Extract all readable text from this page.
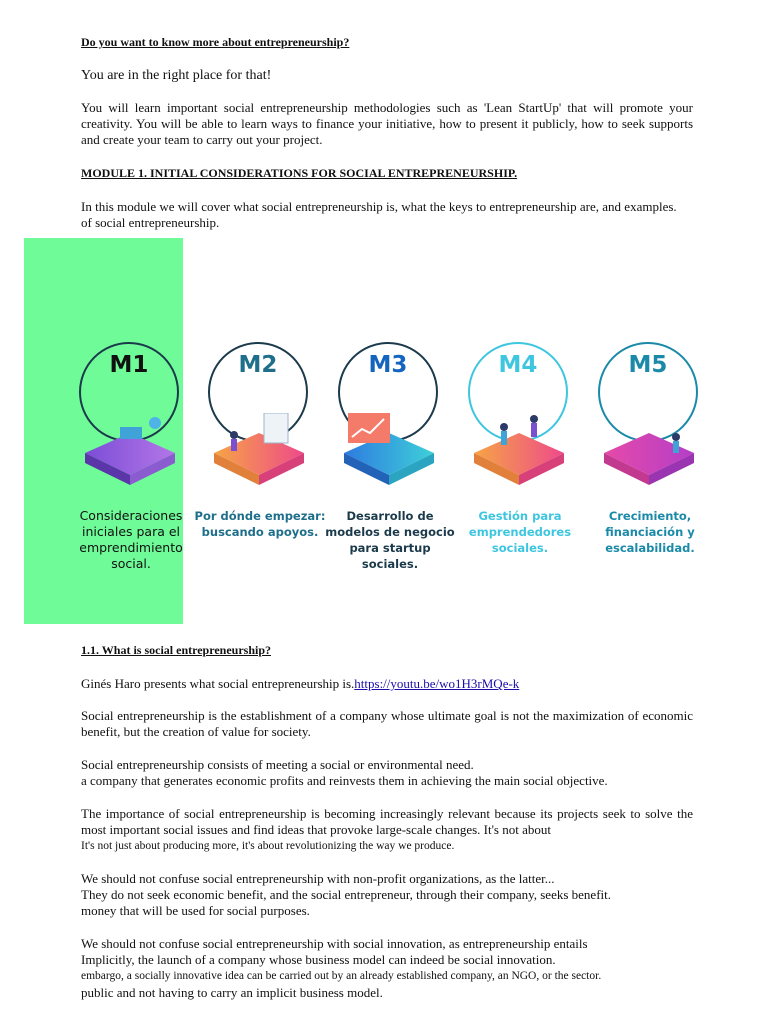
Do you want to know more about entrepreneurship?

You are in the right place for that!

You will learn important social entrepreneurship methodologies such as 'Lean StartUp' that will promote your creativity. You will be able to learn ways to finance your initiative, how to present it publicly, how to seek supports and create your team to carry out your project.

MODULE 1. INITIAL CONSIDERATIONS FOR SOCIAL ENTREPRENEURSHIP.

In this module we will cover what social entrepreneurship is, what the keys to entrepreneurship are, and examples.

of social entrepreneurship.

M1
Consideraciones iniciales para el emprendimiento social.
M2
Por dónde empezar: buscando apoyos.
M3
Desarrollo de modelos de negocio para startup sociales.
M4
Gestión para emprendedores sociales.
M5
Crecimiento, financiación y escalabilidad.

1.1. What is social entrepreneurship?

Ginés Haro presents what social entrepreneurship is.https://youtu.be/wo1H3rMQe-k

Social entrepreneurship is the establishment of a company whose ultimate goal is not the maximization of economic benefit, but the creation of value for society.

Social entrepreneurship consists of meeting a social or environmental need.

a company that generates economic profits and reinvests them in achieving the main social objective.

The importance of social entrepreneurship is becoming increasingly relevant because its projects seek to solve the most important social issues and find ideas that provoke large-scale changes. It's not about

It's not just about producing more, it's about revolutionizing the way we produce.

We should not confuse social entrepreneurship with non-profit organizations, as the latter...

They do not seek economic benefit, and the social entrepreneur, through their company, seeks benefit.

money that will be used for social purposes.

We should not confuse social entrepreneurship with social innovation, as entrepreneurship entails

Implicitly, the launch of a company whose business model can indeed be social innovation.

embargo, a socially innovative idea can be carried out by an already established company, an NGO, or the sector.

public and not having to carry an implicit business model.
